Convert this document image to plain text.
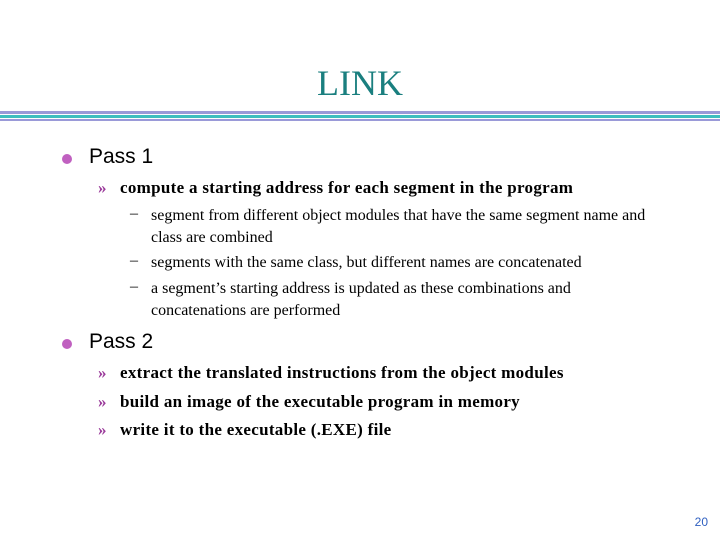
LINK
Pass 1
» compute a starting address for each segment in the program
– segment from different object modules that have the same segment name and class are combined
– segments with the same class, but different names are concatenated
– a segment’s starting address is updated as these combinations and concatenations are performed
Pass 2
» extract the translated instructions from the object modules
» build an image of the executable program in memory
» write it to the executable (.EXE) file
20
